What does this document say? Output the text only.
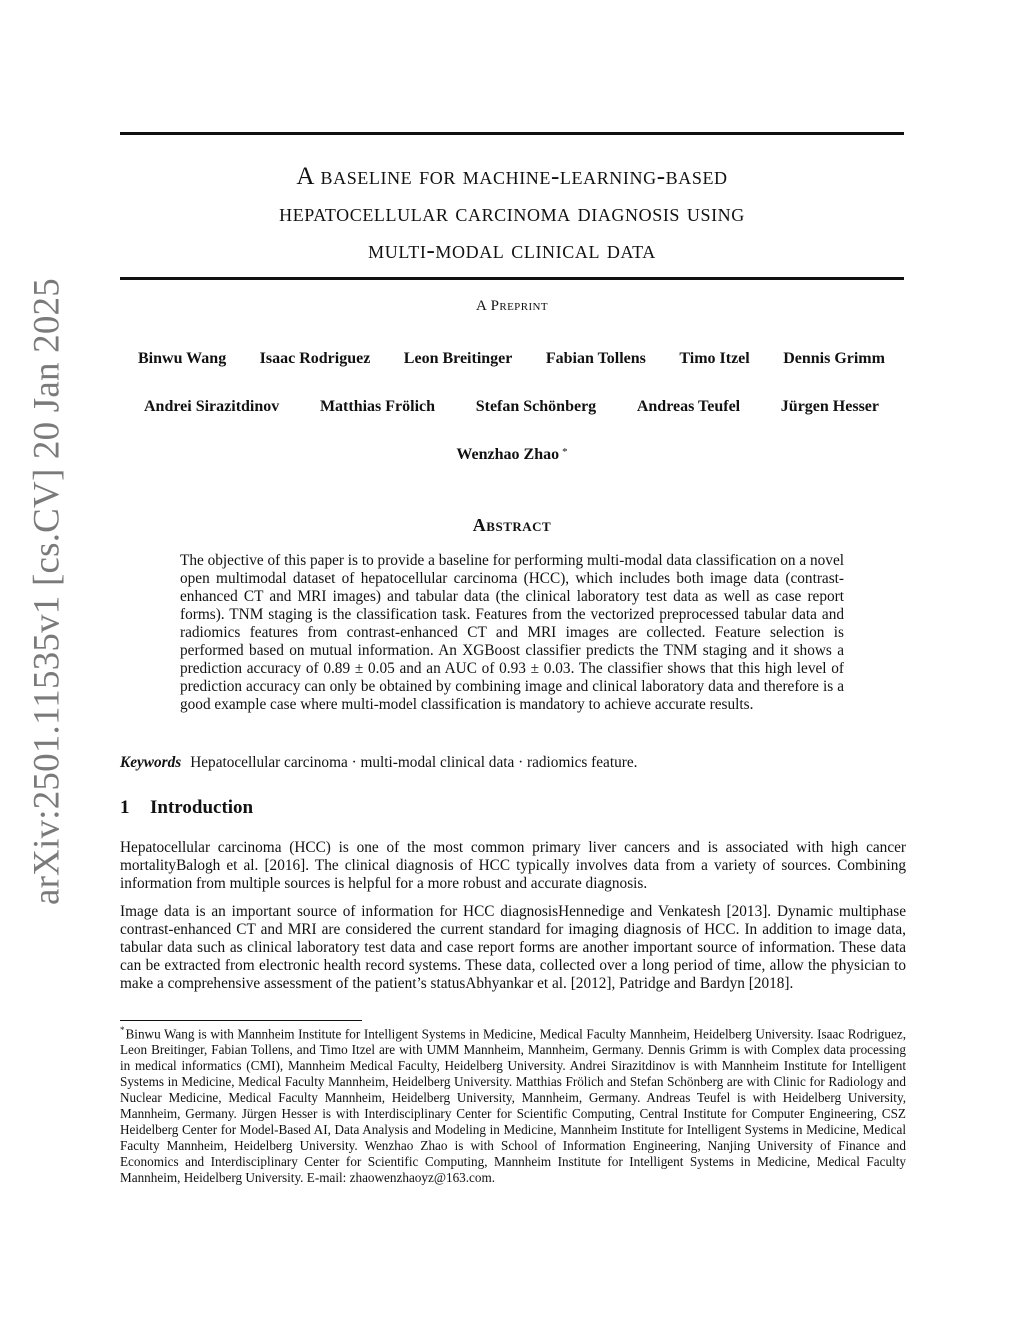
arXiv:2501.11535v1 [cs.CV] 20 Jan 2025
A baseline for machine-learning-based
hepatocellular carcinoma diagnosis using
multi-modal clinical data
A Preprint
Binwu Wang Isaac Rodriguez Leon Breitinger Fabian Tollens Timo Itzel Dennis Grimm
Andrei Sirazitdinov	Matthias Frölich	Stefan Schönberg	Andreas Teufel	Jürgen Hesser
Wenzhao Zhao *
Abstract
The objective of this paper is to provide a baseline for performing multi-modal data classification on a novel open multimodal dataset of hepatocellular carcinoma (HCC), which includes both image data (contrast-enhanced CT and MRI images) and tabular data (the clinical laboratory test data as well as case report forms). TNM staging is the classification task. Features from the vectorized preprocessed tabular data and radiomics features from contrast-enhanced CT and MRI images are collected. Feature selection is performed based on mutual information. An XGBoost classifier predicts the TNM staging and it shows a prediction accuracy of 0.89 ± 0.05 and an AUC of 0.93 ± 0.03. The classifier shows that this high level of prediction accuracy can only be obtained by combining image and clinical laboratory data and therefore is a good example case where multi-model classification is mandatory to achieve accurate results.
Keywords Hepatocellular carcinoma · multi-modal clinical data · radiomics feature.
1 Introduction
Hepatocellular carcinoma (HCC) is one of the most common primary liver cancers and is associated with high cancer mortalityBalogh et al. [2016]. The clinical diagnosis of HCC typically involves data from a variety of sources. Combining information from multiple sources is helpful for a more robust and accurate diagnosis.
Image data is an important source of information for HCC diagnosisHennedige and Venkatesh [2013]. Dynamic multiphase contrast-enhanced CT and MRI are considered the current standard for imaging diagnosis of HCC. In addition to image data, tabular data such as clinical laboratory test data and case report forms are another important source of information. These data can be extracted from electronic health record systems. These data, collected over a long period of time, allow the physician to make a comprehensive assessment of the patient’s statusAbhyankar et al. [2012], Patridge and Bardyn [2018].
*Binwu Wang is with Mannheim Institute for Intelligent Systems in Medicine, Medical Faculty Mannheim, Heidelberg University. Isaac Rodriguez, Leon Breitinger, Fabian Tollens, and Timo Itzel are with UMM Mannheim, Mannheim, Germany. Dennis Grimm is with Complex data processing in medical informatics (CMI), Mannheim Medical Faculty, Heidelberg University. Andrei Sirazitdinov is with Mannheim Institute for Intelligent Systems in Medicine, Medical Faculty Mannheim, Heidelberg University. Matthias Frölich and Stefan Schönberg are with Clinic for Radiology and Nuclear Medicine, Medical Faculty Mannheim, Heidelberg University, Mannheim, Germany. Andreas Teufel is with Heidelberg University, Mannheim, Germany. Jürgen Hesser is with Interdisciplinary Center for Scientific Computing, Central Institute for Computer Engineering, CSZ Heidelberg Center for Model-Based AI, Data Analysis and Modeling in Medicine, Mannheim Institute for Intelligent Systems in Medicine, Medical Faculty Mannheim, Heidelberg University. Wenzhao Zhao is with School of Information Engineering, Nanjing University of Finance and Economics and Interdisciplinary Center for Scientific Computing, Mannheim Institute for Intelligent Systems in Medicine, Medical Faculty Mannheim, Heidelberg University. E-mail: zhaowenzhaoyz@163.com.
